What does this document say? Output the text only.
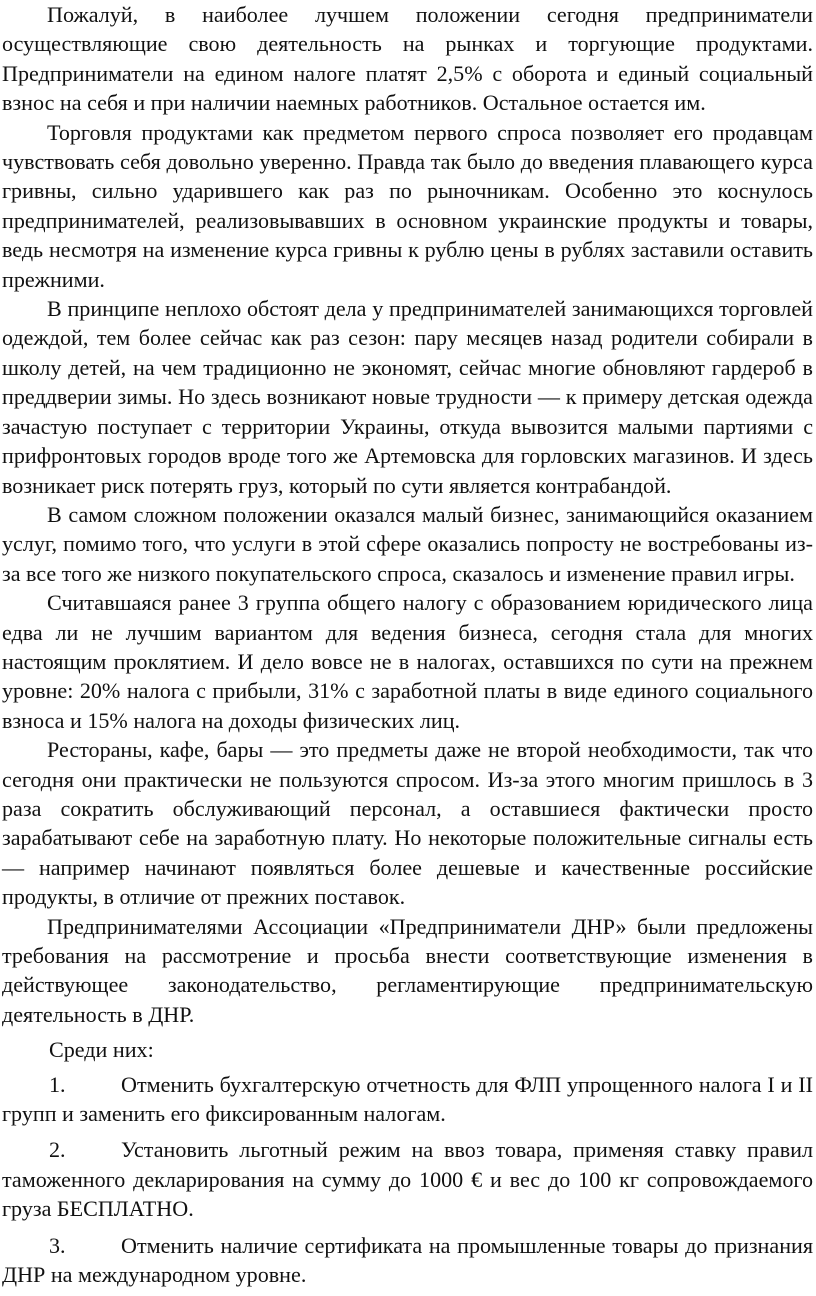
Пожалуй, в наиболее лучшем положении сегодня предприниматели осуществляющие свою деятельность на рынках и торгующие продуктами. Предприниматели на едином налоге платят 2,5% с оборота и единый социальный взнос на себя и при наличии наемных работников. Остальное остается им.

Торговля продуктами как предметом первого спроса позволяет его продавцам чувствовать себя довольно уверенно. Правда так было до введения плавающего курса гривны, сильно ударившего как раз по рыночникам. Особенно это коснулось предпринимателей, реализовывавших в основном украинские продукты и товары, ведь несмотря на изменение курса гривны к рублю цены в рублях заставили оставить прежними.

В принципе неплохо обстоят дела у предпринимателей занимающихся торговлей одеждой, тем более сейчас как раз сезон: пару месяцев назад родители собирали в школу детей, на чем традиционно не экономят, сейчас многие обновляют гардероб в преддверии зимы. Но здесь возникают новые трудности — к примеру детская одежда зачастую поступает с территории Украины, откуда вывозится малыми партиями с прифронтовых городов вроде того же Артемовска для горловских магазинов. И здесь возникает риск потерять груз, который по сути является контрабандой.

В самом сложном положении оказался малый бизнес, занимающийся оказанием услуг, помимо того, что услуги в этой сфере оказались попросту не востребованы из-за все того же низкого покупательского спроса, сказалось и изменение правил игры.

Считавшаяся ранее 3 группа общего налогу с образованием юридического лица едва ли не лучшим вариантом для ведения бизнеса, сегодня стала для многих настоящим проклятием. И дело вовсе не в налогах, оставшихся по сути на прежнем уровне: 20% налога с прибыли, 31% с заработной платы в виде единого социального взноса и 15% налога на доходы физических лиц.

Рестораны, кафе, бары — это предметы даже не второй необходимости, так что сегодня они практически не пользуются спросом. Из-за этого многим пришлось в 3 раза сократить обслуживающий персонал, а оставшиеся фактически просто зарабатывают себе на заработную плату. Но некоторые положительные сигналы есть — например начинают появляться более дешевые и качественные российские продукты, в отличие от прежних поставок.

Предпринимателями Ассоциации «Предприниматели ДНР» были предложены требования на рассмотрение и просьба внести соответствующие изменения в действующее законодательство, регламентирующие предпринимательскую деятельность в ДНР.

Среди них:

1.	Отменить бухгалтерскую отчетность для ФЛП упрощенного налога I и II групп и заменить его фиксированным налогам.

2.	Установить льготный режим на ввоз товара, применяя ставку правил таможенного декларирования на сумму до 1000 € и вес до 100 кг сопровождаемого груза БЕСПЛАТНО.

3.	Отменить наличие сертификата на промышленные товары до признания ДНР на международном уровне.
